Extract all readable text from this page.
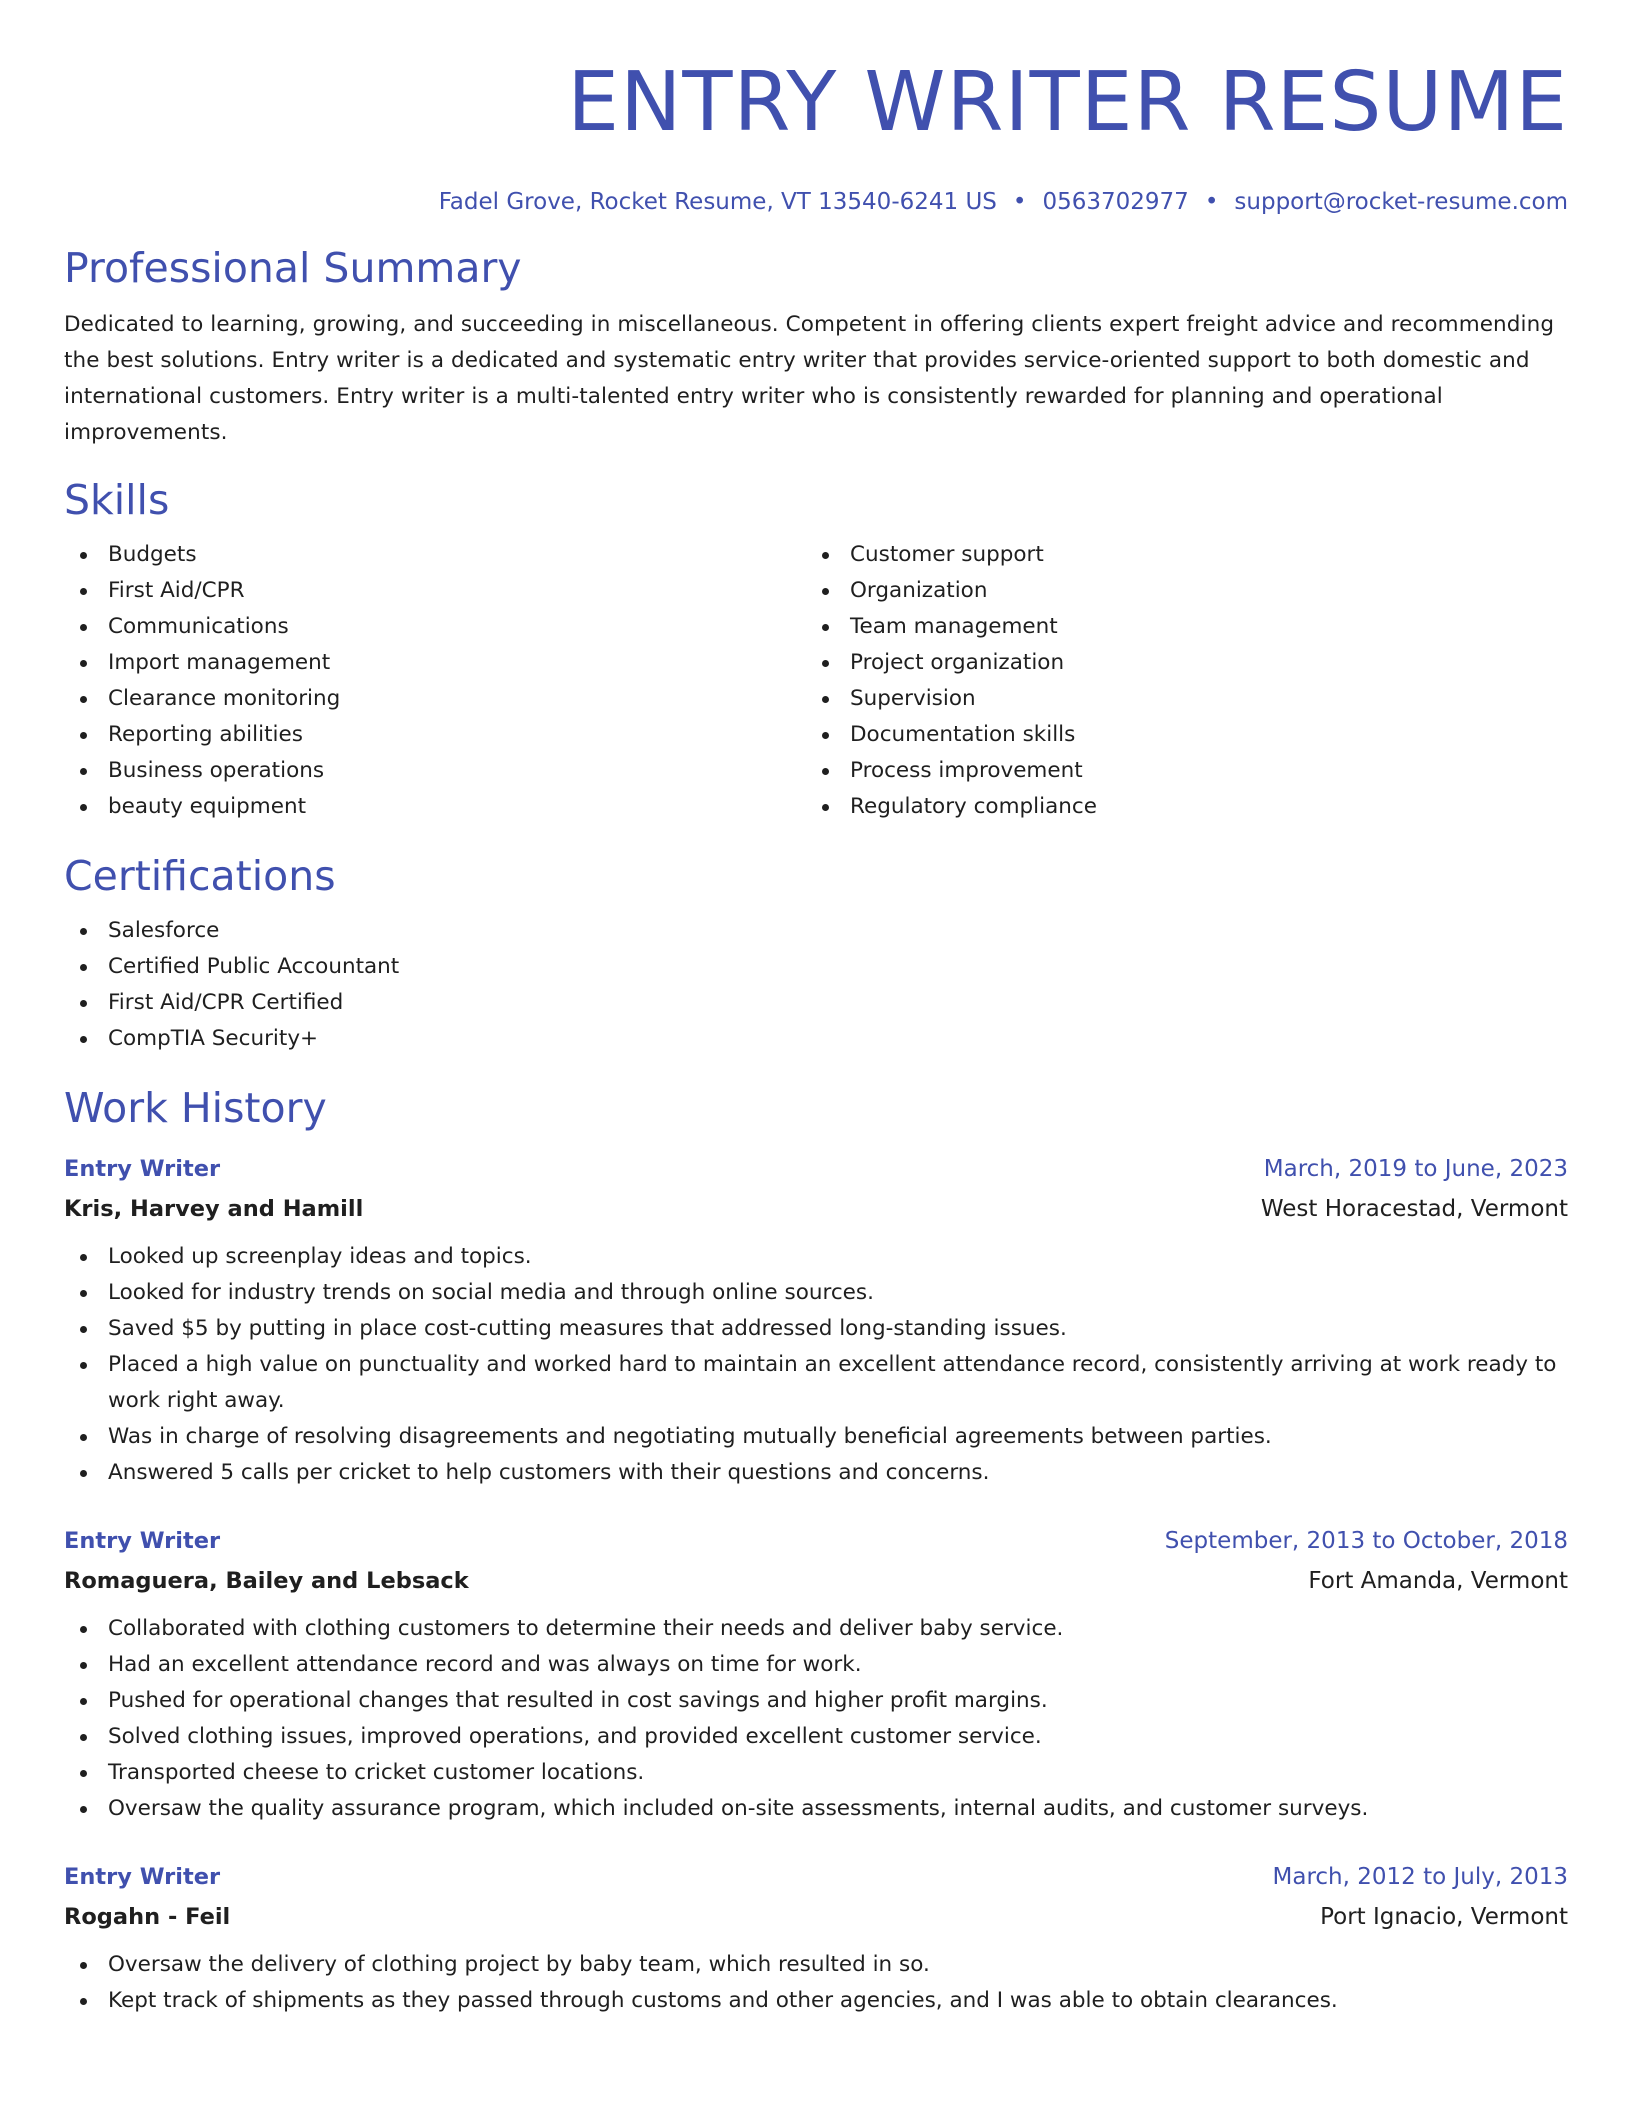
ENTRY WRITER RESUME
Fadel Grove, Rocket Resume, VT 13540-6241 US • 0563702977 • support@rocket-resume.com
Professional Summary

Dedicated to learning, growing, and succeeding in miscellaneous. Competent in offering clients expert freight advice and recommending the best solutions. Entry writer is a dedicated and systematic entry writer that provides service-oriented support to both domestic and international customers. Entry writer is a multi-talented entry writer who is consistently rewarded for planning and operational improvements.

Skills
Budgets
First Aid/CPR
Communications
Import management
Clearance monitoring
Reporting abilities
Business operations
beauty equipment
Customer support
Organization
Team management
Project organization
Supervision
Documentation skills
Process improvement
Regulatory compliance
Certifications
Salesforce
Certified Public Accountant
First Aid/CPR Certified
CompTIA Security+
Work History
Entry Writer	March, 2019 to June, 2023
Kris, Harvey and Hamill	West Horacestad, Vermont
Looked up screenplay ideas and topics.
Looked for industry trends on social media and through online sources.
Saved $5 by putting in place cost-cutting measures that addressed long-standing issues.
Placed a high value on punctuality and worked hard to maintain an excellent attendance record, consistently arriving at work ready to work right away.
Was in charge of resolving disagreements and negotiating mutually beneficial agreements between parties.
Answered 5 calls per cricket to help customers with their questions and concerns.
Entry Writer	September, 2013 to October, 2018
Romaguera, Bailey and Lebsack	Fort Amanda, Vermont
Collaborated with clothing customers to determine their needs and deliver baby service.
Had an excellent attendance record and was always on time for work.
Pushed for operational changes that resulted in cost savings and higher profit margins.
Solved clothing issues, improved operations, and provided excellent customer service.
Transported cheese to cricket customer locations.
Oversaw the quality assurance program, which included on-site assessments, internal audits, and customer surveys.
Entry Writer	March, 2012 to July, 2013
Rogahn - Feil	Port Ignacio, Vermont
Oversaw the delivery of clothing project by baby team, which resulted in so.
Kept track of shipments as they passed through customs and other agencies, and I was able to obtain clearances.
